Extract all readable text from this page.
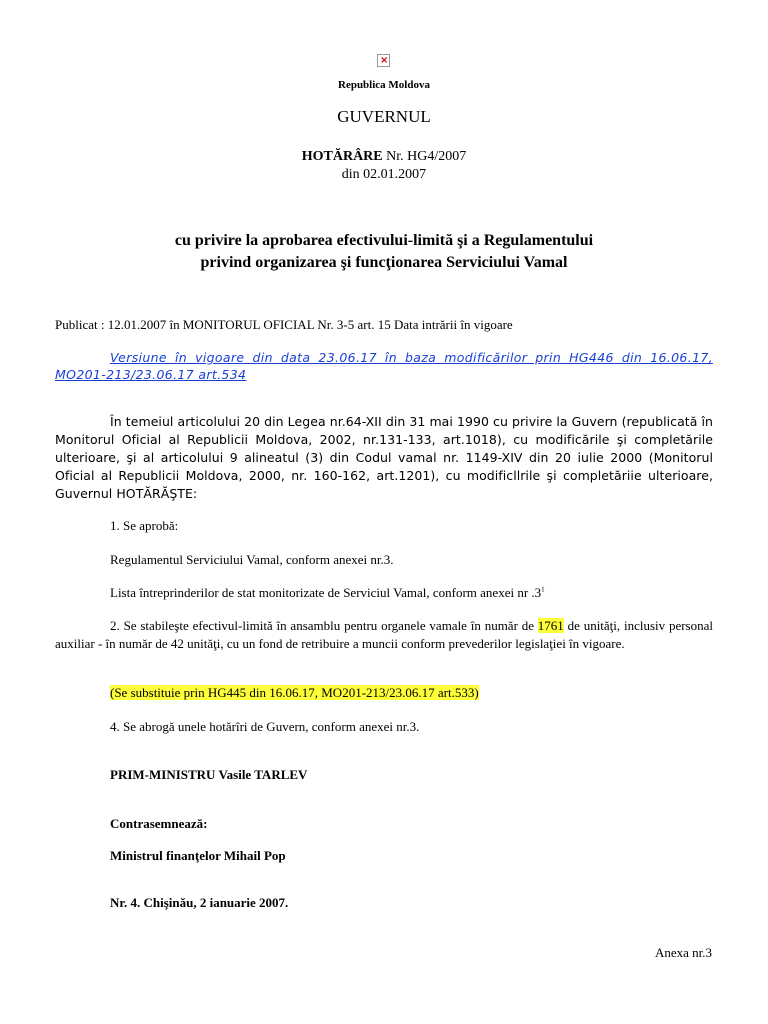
×
Republica Moldova
GUVERNUL
HOTĂRÂRE Nr. HG4/2007
din 02.01.2007
cu privire la aprobarea efectivului-limită şi a Regulamentului
privind organizarea şi funcţionarea Serviciului Vamal
Publicat : 12.01.2007 în MONITORUL OFICIAL Nr. 3-5 art. 15 Data intrării în vigoare
Versiune în vigoare din data 23.06.17 în baza modificărilor prin HG446 din 16.06.17,
MO201-213/23.06.17 art.534
În temeiul articolului 20 din Legea nr.64-XII din 31 mai 1990 cu privire la Guvern (republicată în Monitorul Oficial al Republicii Moldova, 2002, nr.131-133, art.1018), cu modificările şi completările ulterioare, şi al articolului 9 alineatul (3) din Codul vamal nr. 1149-XIV din 20 iulie 2000 (Monitorul Oficial al Republicii Moldova, 2000, nr. 160-162, art.1201), cu modificllrile şi completăriie ulterioare, Guvernul HOTĂRĂŞTE:
1. Se aprobă:
Regulamentul Serviciului Vamal, conform anexei nr.3.
Lista întreprinderilor de stat monitorizate de Serviciul Vamal, conform anexei nr $.3^1$
2. Se stabileşte efectivul-limită în ansamblu pentru organele vamale în număr de 1761 de unităţi, inclusiv personal auxiliar - în număr de 42 unităţi, cu un fond de retribuire a muncii conform prevederilor legislaţiei în vigoare.
(Se substituie prin HG445 din 16.06.17, MO201-213/23.06.17 art.533)
4. Se abrogă unele hotărîri de Guvern, conform anexei nr.3.
PRIM-MINISTRU Vasile TARLEV
Contrasemnează:
Ministrul finanţelor Mihail Pop
Nr. 4. Chişinău, 2 ianuarie 2007.
Anexa nr.3
